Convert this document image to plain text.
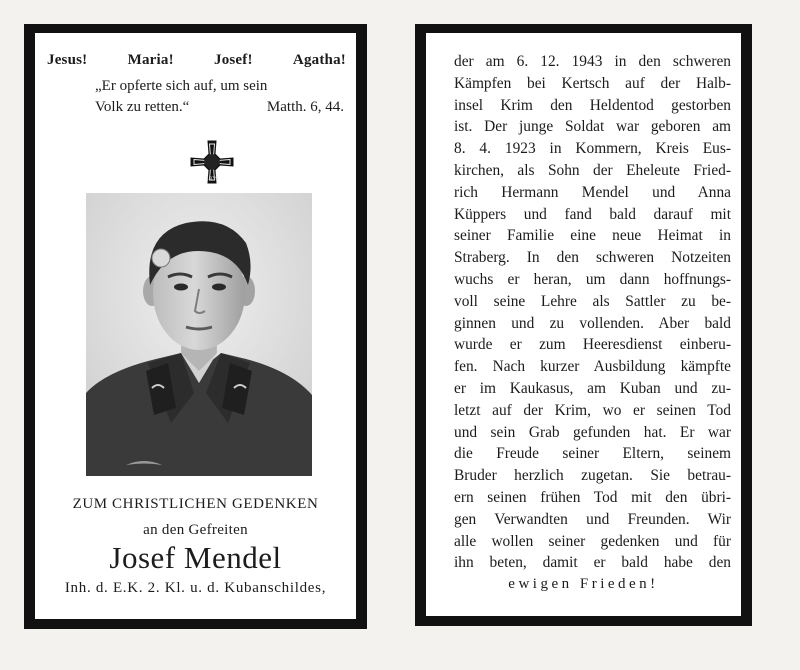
Jesus!	Maria!	Josef!	Agatha!
„Er opferte sich auf, um sein
Volk zu retten.“	Matth. 6, 44.
1939
ZUM CHRISTLICHEN GEDENKEN
an den Gefreiten
Josef Mendel
Inh. d. E.K. 2. Kl. u. d. Kubanschildes,
der am 6. 12. 1943 in den schweren
Kämpfen bei Kertsch auf der Halb-
insel Krim den Heldentod gestorben
ist. Der junge Soldat war geboren am
8. 4. 1923 in Kommern, Kreis Eus-
kirchen, als Sohn der Eheleute Fried-
rich Hermann Mendel und Anna
Küppers und fand bald darauf mit
seiner Familie eine neue Heimat in
Straberg. In den schweren Notzeiten
wuchs er heran, um dann hoffnungs-
voll seine Lehre als Sattler zu be-
ginnen und zu vollenden. Aber bald
wurde er zum Heeresdienst einberu-
fen. Nach kurzer Ausbildung kämpfte
er im Kaukasus, am Kuban und zu-
letzt auf der Krim, wo er seinen Tod
und sein Grab gefunden hat. Er war
die Freude seiner Eltern, seinem
Bruder herzlich zugetan. Sie betrau-
ern seinen frühen Tod mit den übri-
gen Verwandten und Freunden. Wir
alle wollen seiner gedenken und für
ihn beten, damit er bald habe den
ewigen Frieden!
